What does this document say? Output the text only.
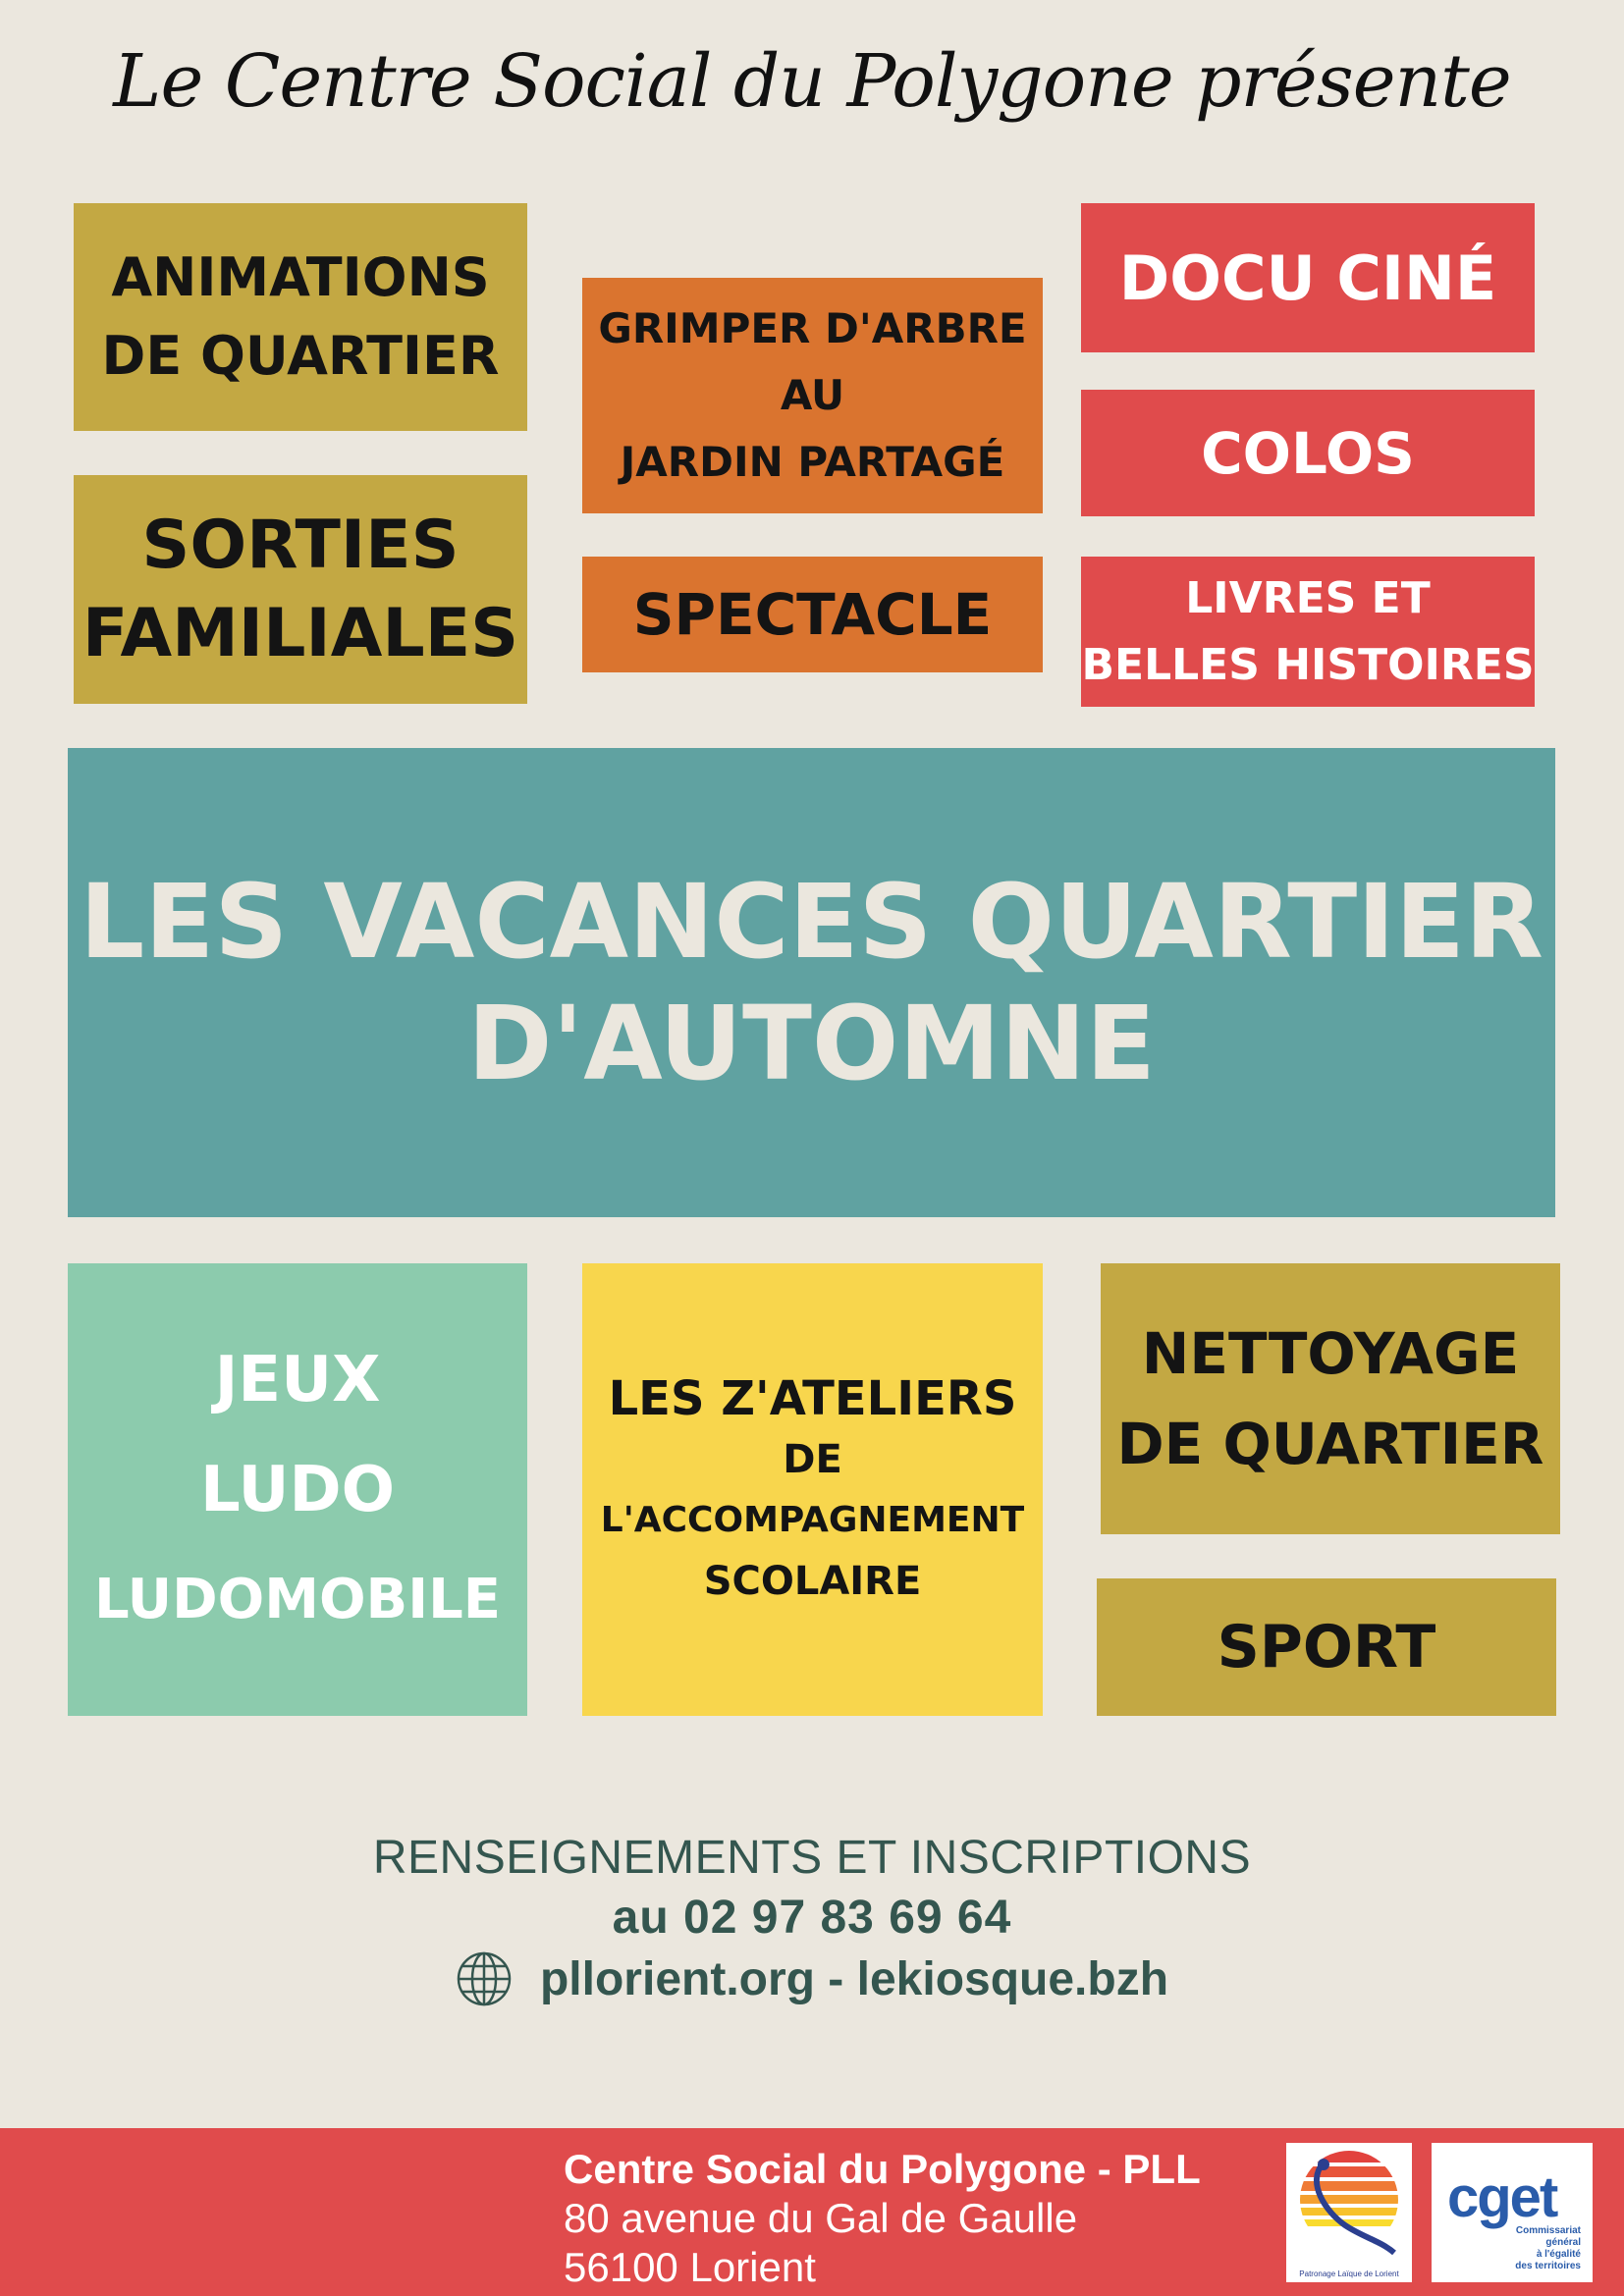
Le Centre Social du Polygone présente
ANIMATIONS
DE QUARTIER GRIMPER D'ARBRE
AU
JARDIN PARTAGÉ
DOCU CINÉ
COLOS
SORTIES
FAMILIALES SPECTACLE	LIVRES ET
BELLES HISTOIRES
LES VACANCES QUARTIER
D'AUTOMNE
JEUX
LUDO
LUDOMOBILE
LES Z'ATELIERS
DE
L'ACCOMPAGNEMENT
SCOLAIRE
NETTOYAGE
DE QUARTIER
SPORT
RENSEIGNEMENTS ET INSCRIPTIONS
au 02 97 83 69 64
pllorient.org - lekiosque.bzh
Centre Social du Polygone - PLL
80 avenue du Gal de Gaulle
56100 Lorient	Patronage Laïque de Lorient
cget
Commissariat
général
à l'égalité
des territoires
